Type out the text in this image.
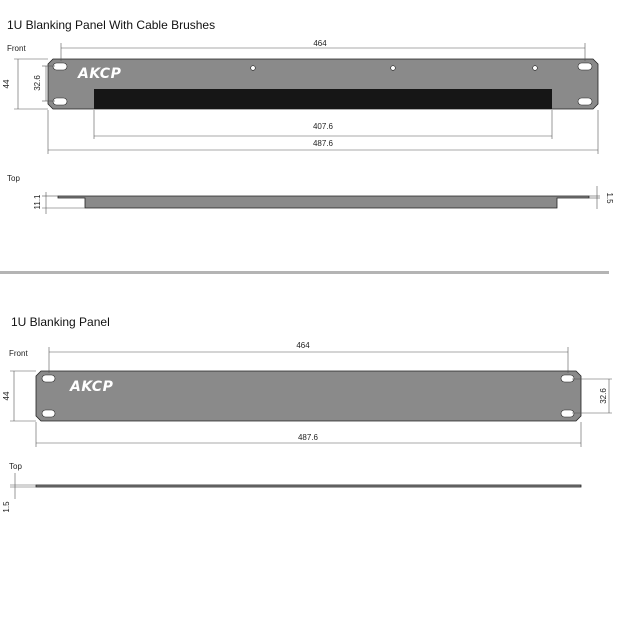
1U Blanking Panel With Cable Brushes
Front
Top
AKCP
464
407.6
487.6
44	32.6
11.1	1.5
AKCP
464
487.6
44	32.6
1.5
1U Blanking Panel
Front
Top
